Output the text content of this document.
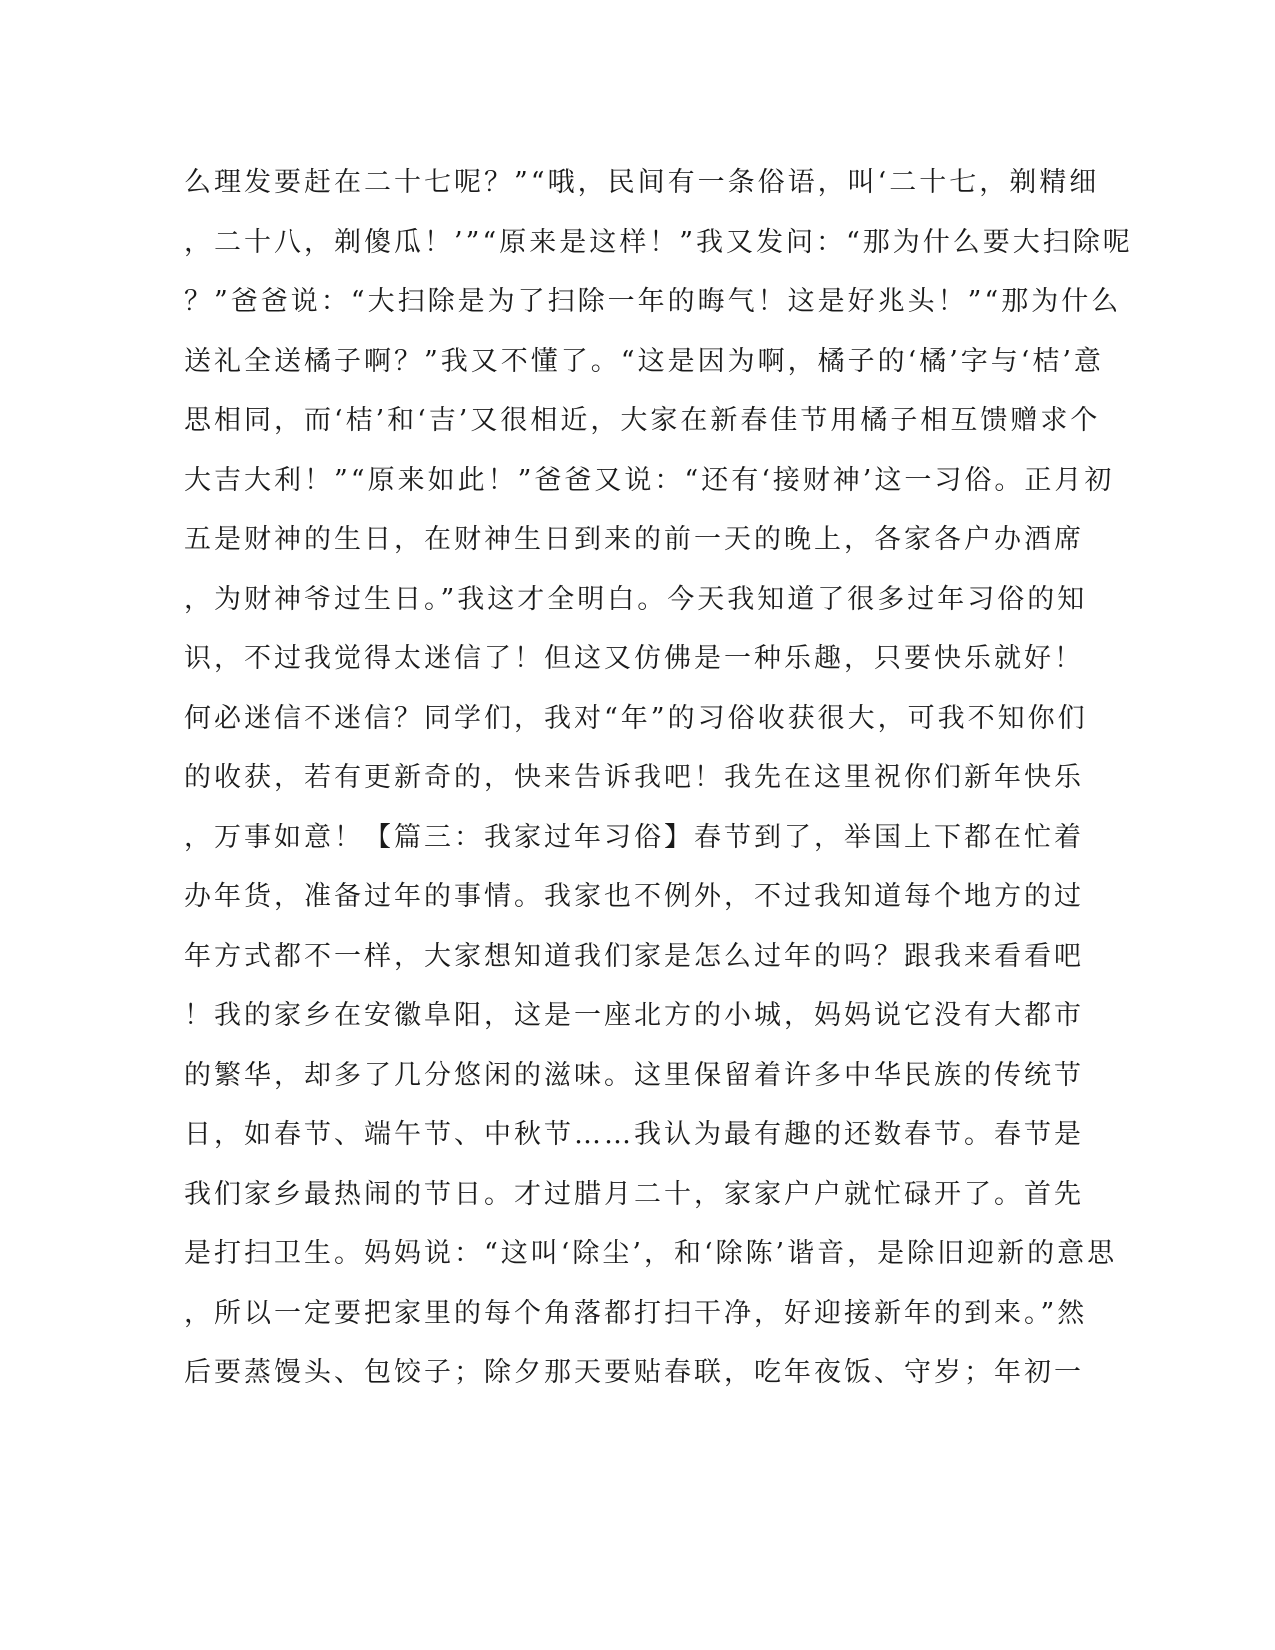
么理发要赶在二十七呢？”“哦，民间有一条俗语，叫‘二十七，剃精细
，二十八，剃傻瓜！’”“原来是这样！”我又发问：“那为什么要大扫除呢
？”爸爸说：“大扫除是为了扫除一年的晦气！这是好兆头！”“那为什么
送礼全送橘子啊？”我又不懂了。“这是因为啊，橘子的‘橘’字与‘桔’意
思相同，而‘桔’和‘吉’又很相近，大家在新春佳节用橘子相互馈赠求个
大吉大利！”“原来如此！”爸爸又说：“还有‘接财神’这一习俗。正月初
五是财神的生日，在财神生日到来的前一天的晚上，各家各户办酒席
，为财神爷过生日。”我这才全明白。今天我知道了很多过年习俗的知
识，不过我觉得太迷信了！但这又仿佛是一种乐趣，只要快乐就好！
何必迷信不迷信？同学们，我对“年”的习俗收获很大，可我不知你们
的收获，若有更新奇的，快来告诉我吧！我先在这里祝你们新年快乐
，万事如意！【篇三：我家过年习俗】春节到了，举国上下都在忙着
办年货，准备过年的事情。我家也不例外，不过我知道每个地方的过
年方式都不一样，大家想知道我们家是怎么过年的吗？跟我来看看吧
！我的家乡在安徽阜阳，这是一座北方的小城，妈妈说它没有大都市
的繁华，却多了几分悠闲的滋味。这里保留着许多中华民族的传统节
日，如春节、端午节、中秋节……我认为最有趣的还数春节。春节是
我们家乡最热闹的节日。才过腊月二十，家家户户就忙碌开了。首先
是打扫卫生。妈妈说：“这叫‘除尘’，和‘除陈’谐音，是除旧迎新的意思
，所以一定要把家里的每个角落都打扫干净，好迎接新年的到来。”然
后要蒸馒头、包饺子；除夕那天要贴春联，吃年夜饭、守岁；年初一
